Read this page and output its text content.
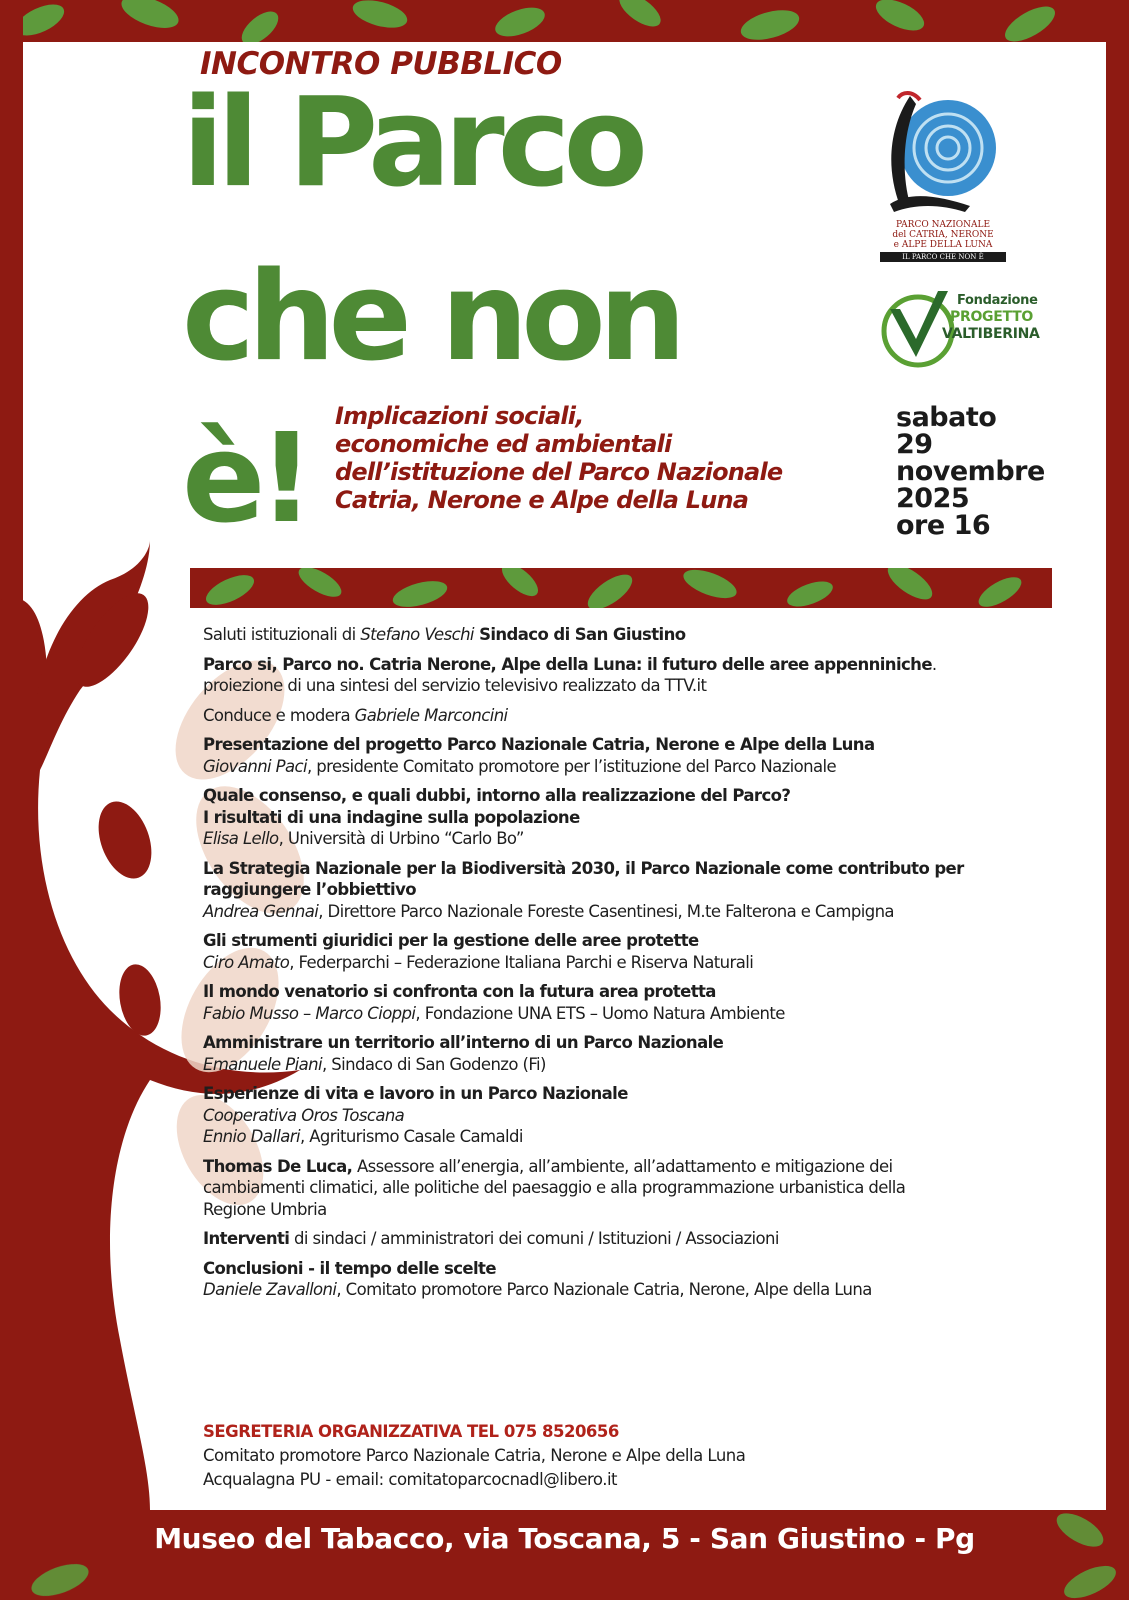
INCONTRO PUBBLICO
il Parco
che non
è! Implicazioni sociali,
economiche ed ambientali
dell’istituzione del Parco Nazionale
Catria, Nerone e Alpe della Luna
sabato
29
novembre
2025
ore 16
PARCO NAZIONALE
del CATRIA, NERONE
e ALPE DELLA LUNA
IL PARCO CHE NON È
Fondazione
PROGETTO
VALTIBERINA
Saluti istituzionali di Stefano Veschi Sindaco di San Giustino
Parco si, Parco no. Catria Nerone, Alpe della Luna: il futuro delle aree appenniniche.
proiezione di una sintesi del servizio televisivo realizzato da TTV.it
Conduce e modera Gabriele Marconcini
Presentazione del progetto Parco Nazionale Catria, Nerone e Alpe della Luna
Giovanni Paci, presidente Comitato promotore per l’istituzione del Parco Nazionale
Quale consenso, e quali dubbi, intorno alla realizzazione del Parco?
I risultati di una indagine sulla popolazione
Elisa Lello, Università di Urbino “Carlo Bo”
La Strategia Nazionale per la Biodiversità 2030, il Parco Nazionale come contributo per
raggiungere l’obbiettivo
Andrea Gennai, Direttore Parco Nazionale Foreste Casentinesi, M.te Falterona e Campigna
Gli strumenti giuridici per la gestione delle aree protette
Ciro Amato, Federparchi – Federazione Italiana Parchi e Riserva Naturali
Il mondo venatorio si confronta con la futura area protetta
Fabio Musso – Marco Cioppi, Fondazione UNA ETS – Uomo Natura Ambiente
Amministrare un territorio all’interno di un Parco Nazionale
Emanuele Piani, Sindaco di San Godenzo (Fi)
Esperienze di vita e lavoro in un Parco Nazionale
Cooperativa Oros Toscana
Ennio Dallari, Agriturismo Casale Camaldi
Thomas De Luca, Assessore all’energia, all’ambiente, all’adattamento e mitigazione dei
cambiamenti climatici, alle politiche del paesaggio e alla programmazione urbanistica della
Regione Umbria
Interventi di sindaci / amministratori dei comuni / Istituzioni / Associazioni
Conclusioni - il tempo delle scelte
Daniele Zavalloni, Comitato promotore Parco Nazionale Catria, Nerone, Alpe della Luna
SEGRETERIA ORGANIZZATIVA TEL 075 8520656
Comitato promotore Parco Nazionale Catria, Nerone e Alpe della Luna
Acqualagna PU - email: comitatoparcocnadl@libero.it
Museo del Tabacco, via Toscana, 5 - San Giustino - Pg
